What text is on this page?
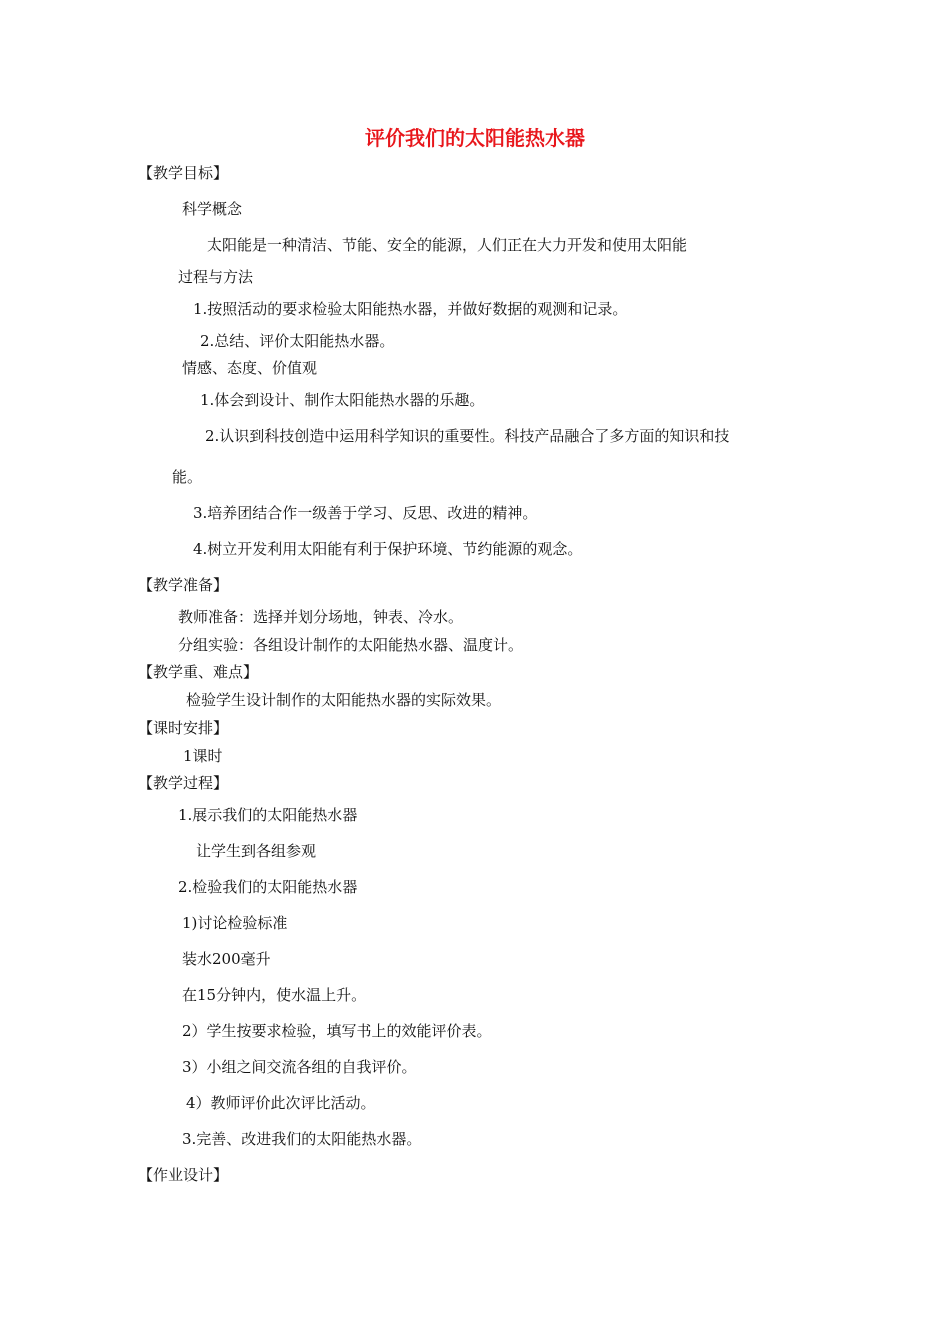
评价我们的太阳能热水器
【教学目标】
科学概念
太阳能是一种清洁、节能、安全的能源，人们正在大力开发和使用太阳能
过程与方法
1.按照活动的要求检验太阳能热水器，并做好数据的观测和记录。
2.总结、评价太阳能热水器。
情感、态度、价值观
1.体会到设计、制作太阳能热水器的乐趣。
2.认识到科技创造中运用科学知识的重要性。科技产品融合了多方面的知识和技
能。
3.培养团结合作一级善于学习、反思、改进的精神。
4.树立开发利用太阳能有利于保护环境、节约能源的观念。
【教学准备】
教师准备：选择并划分场地，钟表、冷水。
分组实验：各组设计制作的太阳能热水器、温度计。
【教学重、难点】
检验学生设计制作的太阳能热水器的实际效果。
【课时安排】
1课时
【教学过程】
1.展示我们的太阳能热水器
让学生到各组参观
2.检验我们的太阳能热水器
1)讨论检验标准
装水200毫升
在15分钟内，使水温上升。
2）学生按要求检验，填写书上的效能评价表。
3）小组之间交流各组的自我评价。
4）教师评价此次评比活动。
3.完善、改进我们的太阳能热水器。
【作业设计】
